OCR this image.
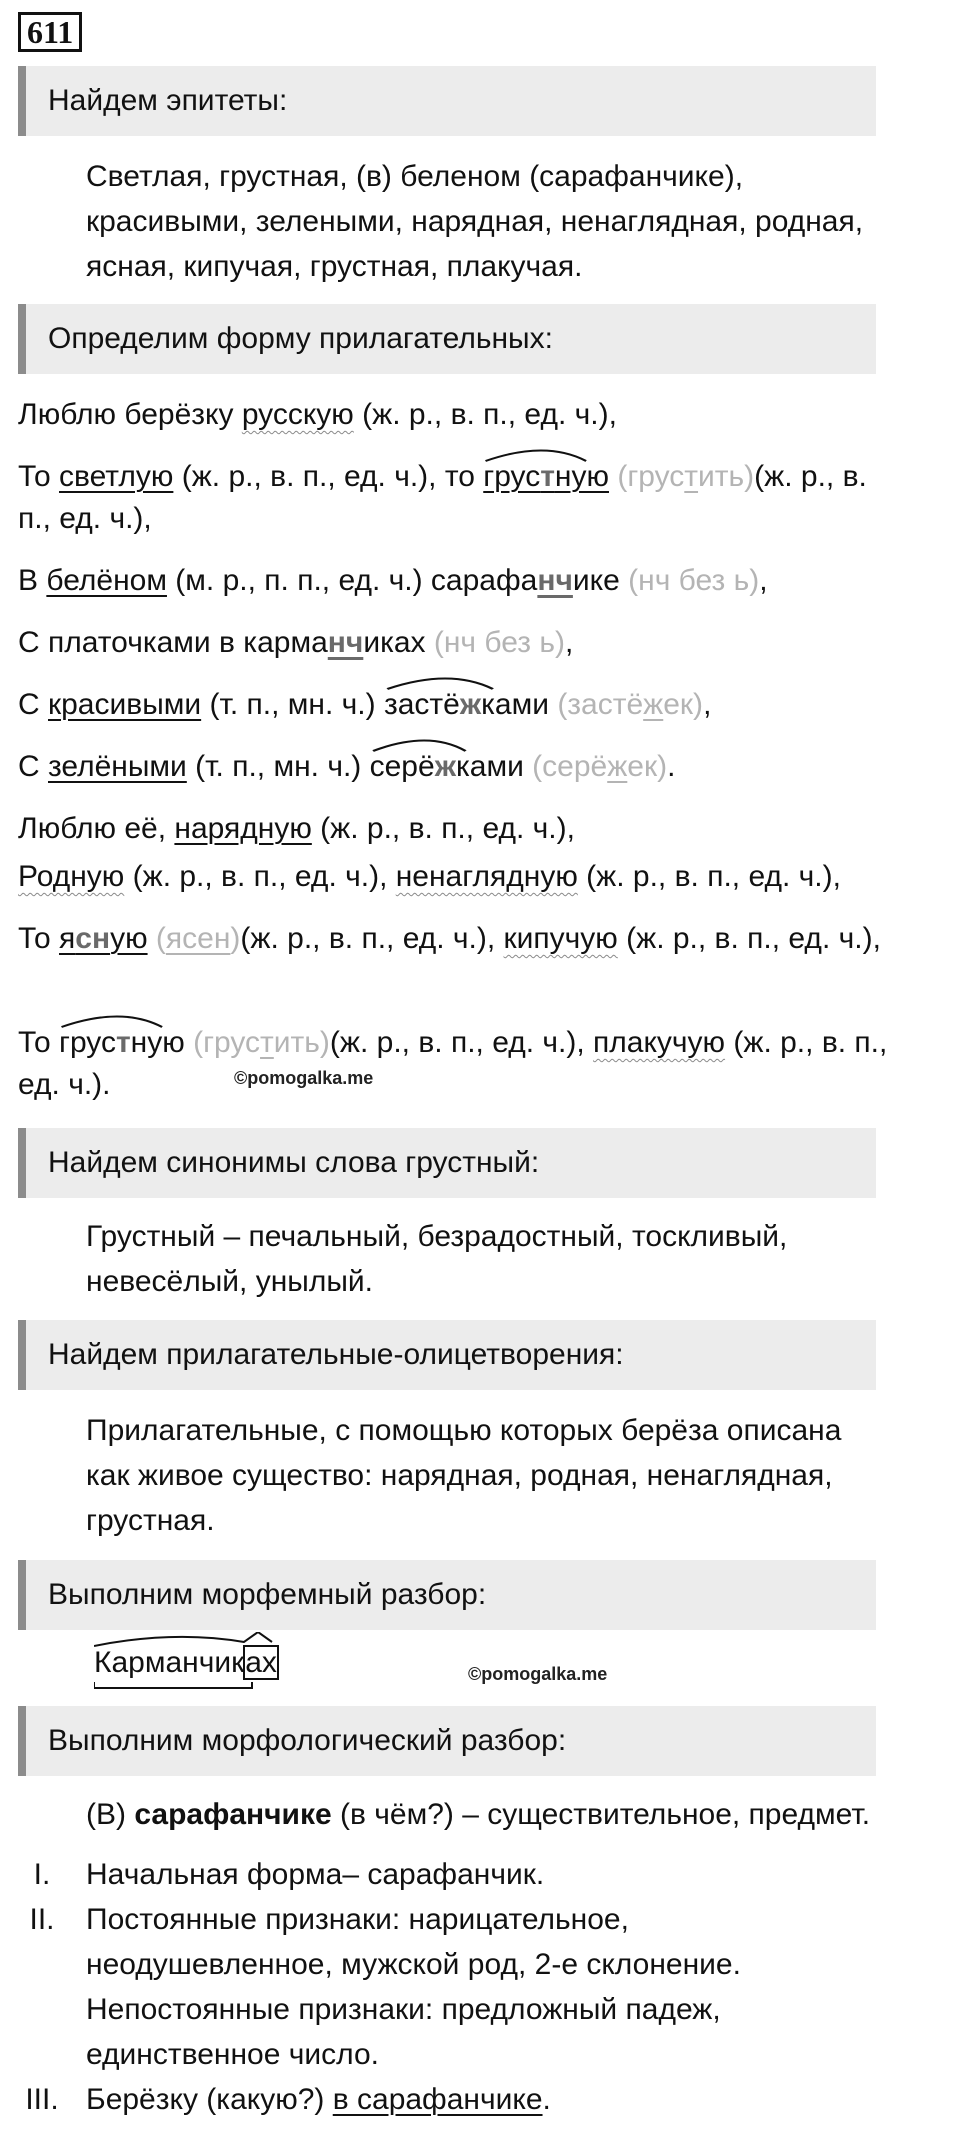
611
Найдем эпитеты:
Светлая, грустная, (в) беленом (сарафанчике), красивыми, зелеными, нарядная, ненаглядная, родная, ясная, кипучая, грустная, плакучая.
Определим форму прилагательных:
Люблю берёзку русскую (ж. р., в. п., ед. ч.),
То светлую (ж. р., в. п., ед. ч.), то
грустную (грустить)(ж. р., в. п., ед. ч.),
В белёном (м. р., п. п., ед. ч.) сарафанчике (нч без ь),
С платочками в карманчиках (нч без ь),
С красивыми (т. п., мн. ч.)
застёжками (застёжек),
С зелёными (т. п., мн. ч.)
серёжками (серёжек).
Люблю её, нарядную (ж. р., в. п., ед. ч.),
Родную (ж. р., в. п., ед. ч.), ненаглядную (ж. р., в. п., ед. ч.),
То ясную (ясен)(ж. р., в. п., ед. ч.), кипучую (ж. р., в. п., ед. ч.),
То
грустную (грустить)(ж. р., в. п., ед. ч.), плакучую (ж. р., в. п., ед. ч.).	©pomogalka.me
Найдем синонимы слова грустный:
Грустный – печальный, безрадостный, тоскливый, невесёлый, унылый.
Найдем прилагательные-олицетворения:
Прилагательные, с помощью которых берёза описана как живое существо: нарядная, родная, ненаглядная, грустная.
Выполним морфемный разбор:
Карманчиках	©pomogalka.me
Выполним морфологический разбор:
(В) сарафанчике (в чём?) – существительное, предмет.
I.	Начальная форма– сарафанчик.
II.	Постоянные признаки: нарицательное, неодушевленное, мужской род, 2-е склонение. Непостоянные признаки: предложный падеж, единственное число.
III. Берёзку (какую?) в сарафанчике.
